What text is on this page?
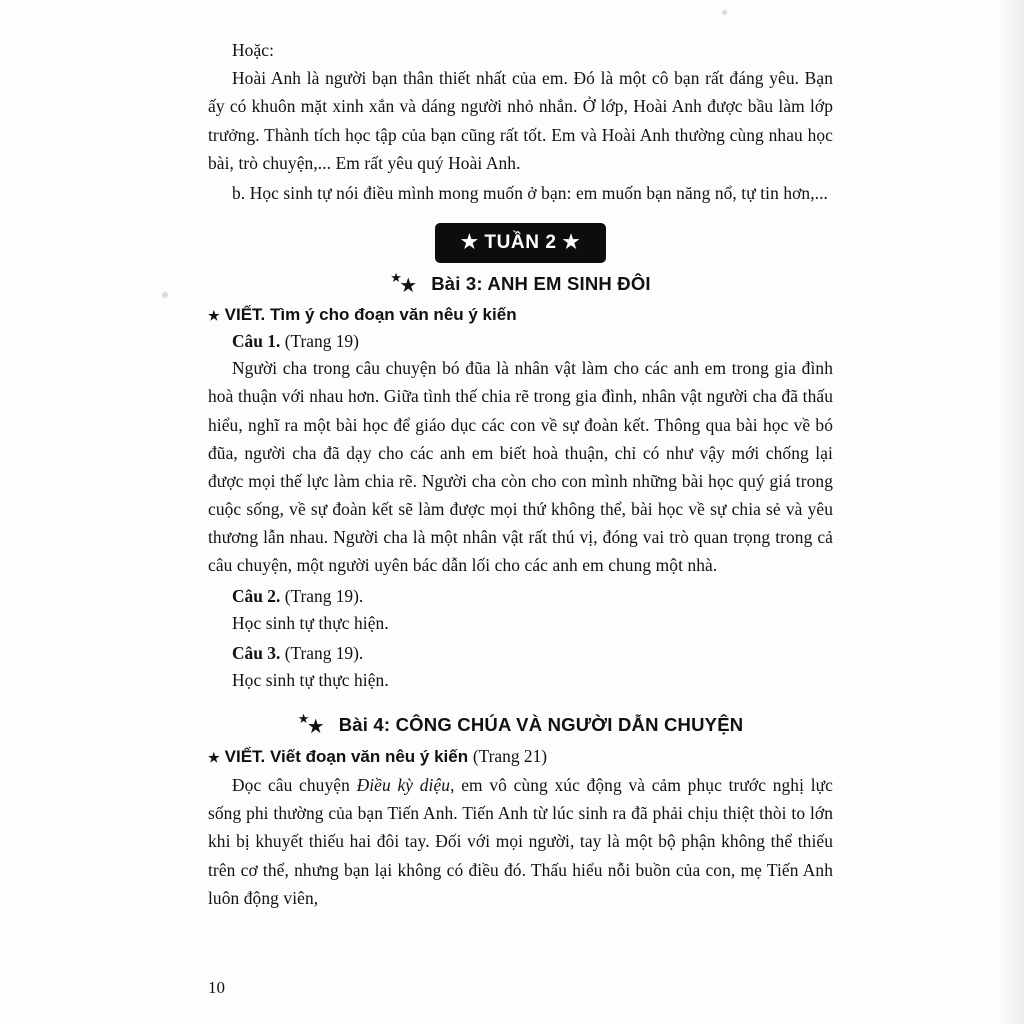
Hoặc:

Hoài Anh là người bạn thân thiết nhất của em. Đó là một cô bạn rất đáng yêu. Bạn ấy có khuôn mặt xinh xắn và dáng người nhỏ nhắn. Ở lớp, Hoài Anh được bầu làm lớp trưởng. Thành tích học tập của bạn cũng rất tốt. Em và Hoài Anh thường cùng nhau học bài, trò chuyện,... Em rất yêu quý Hoài Anh.

b. Học sinh tự nói điều mình mong muốn ở bạn: em muốn bạn năng nổ, tự tin hơn,...

★ TUẦN 2 ★
★
★ Bài 3: ANH EM SINH ĐÔI
★ VIẾT. Tìm ý cho đoạn văn nêu ý kiến
Câu 1. (Trang 19)

Người cha trong câu chuyện bó đũa là nhân vật làm cho các anh em trong gia đình hoà thuận với nhau hơn. Giữa tình thế chia rẽ trong gia đình, nhân vật người cha đã thấu hiểu, nghĩ ra một bài học để giáo dục các con về sự đoàn kết. Thông qua bài học về bó đũa, người cha đã dạy cho các anh em biết hoà thuận, chỉ có như vậy mới chống lại được mọi thế lực làm chia rẽ. Người cha còn cho con mình những bài học quý giá trong cuộc sống, về sự đoàn kết sẽ làm được mọi thứ không thể, bài học về sự chia sẻ và yêu thương lẫn nhau. Người cha là một nhân vật rất thú vị, đóng vai trò quan trọng trong cả câu chuyện, một người uyên bác dẫn lối cho các anh em chung một nhà.

Câu 2. (Trang 19).

Học sinh tự thực hiện.

Câu 3. (Trang 19).

Học sinh tự thực hiện.

★
★ Bài 4: CÔNG CHÚA VÀ NGƯỜI DẪN CHUYỆN
★ VIẾT. Viết đoạn văn nêu ý kiến (Trang 21)

Đọc câu chuyện Điều kỳ diệu, em vô cùng xúc động và cảm phục trước nghị lực sống phi thường của bạn Tiến Anh. Tiến Anh từ lúc sinh ra đã phải chịu thiệt thòi to lớn khi bị khuyết thiếu hai đôi tay. Đối với mọi người, tay là một bộ phận không thể thiếu trên cơ thể, nhưng bạn lại không có điều đó. Thấu hiểu nỗi buồn của con, mẹ Tiến Anh luôn động viên,

10
